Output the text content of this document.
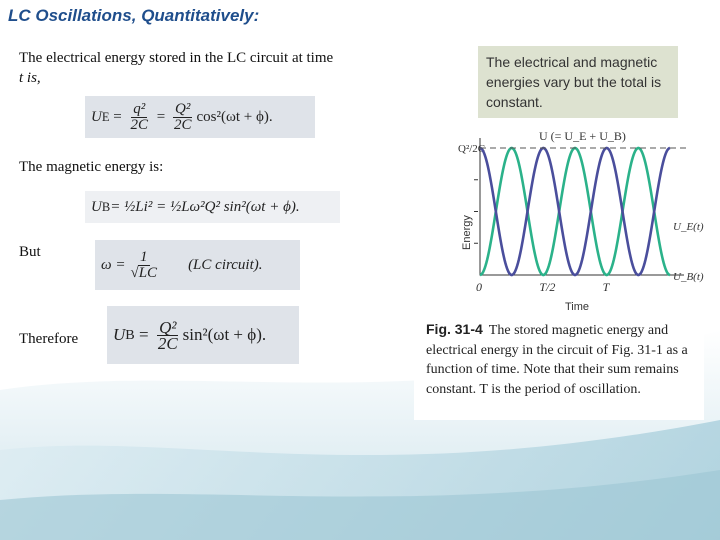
LC Oscillations, Quantitatively:
The electrical energy stored in the LC circuit at time
t is,
U $E = \frac{\text{q²}}{2C} = \frac{\text{Q²}}{2C} \cos^2(\omega t + \phi)$.
The magnetic energy is:
U B = ½Li² = ½Lω²Q² sin²(ωt + ϕ).
But
$\omega = \frac{1}{√LC} (LC$ circuit).
Therefore U $B = \frac{\text{Q²}}{2C} \sin^2(\omega t + \phi)$.
The electrical and magnetic energies vary but the total is constant.
U (= U_E + U_B)
Q²/2C
Energy
Time
U_E(t)
U_B(t)
0	T/2	T
Fig. 31-4 The stored magnetic energy and electrical energy in the circuit of Fig. 31-1 as a function of time. Note that their sum remains constant. T is the period of oscillation.
